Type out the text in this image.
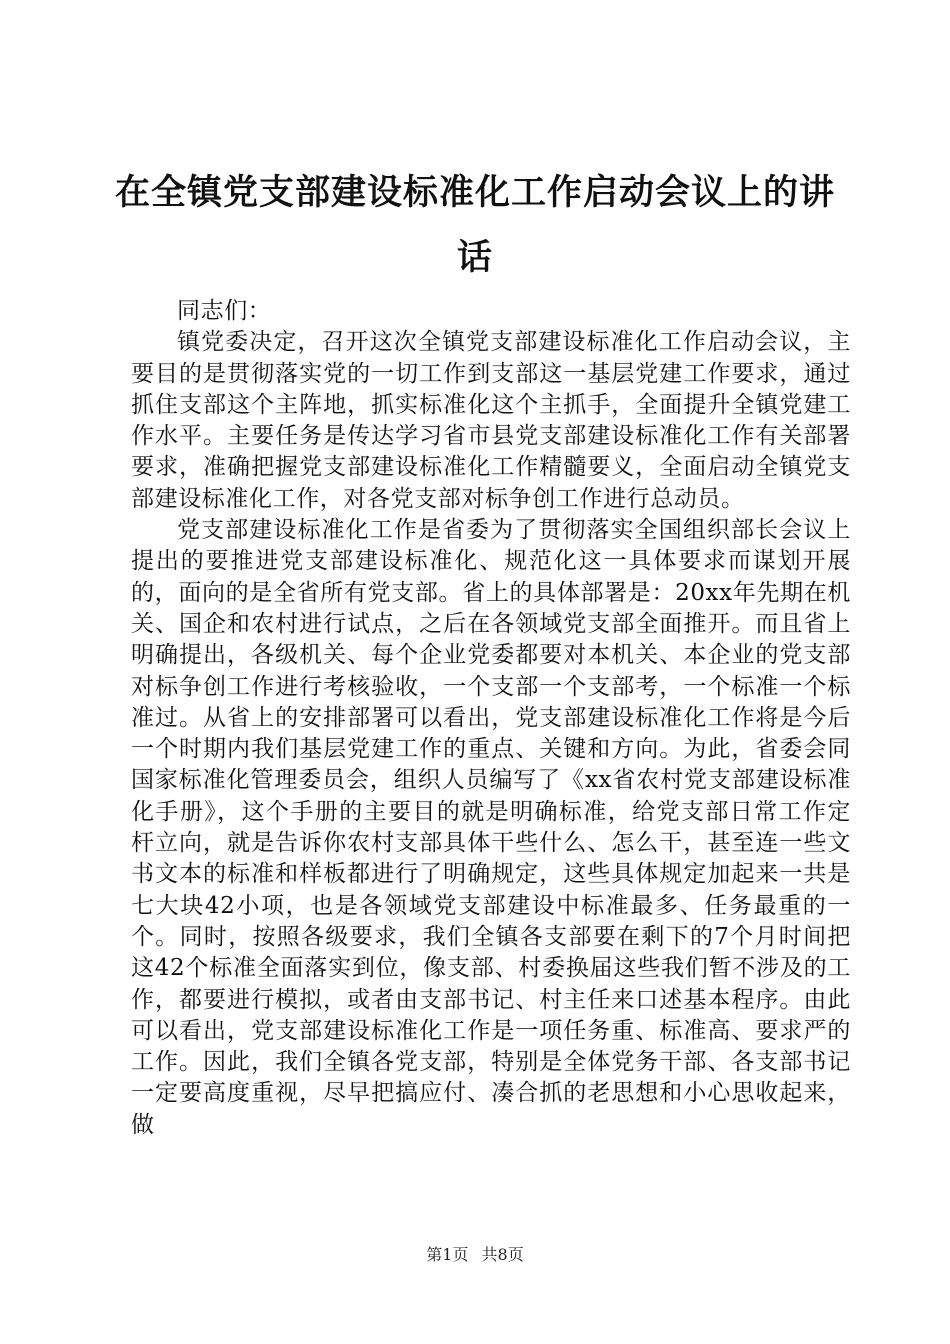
在全镇党支部建设标准化工作启动会议上的讲话

同志们：

镇党委决定，召开这次全镇党支部建设标准化工作启动会议，主要目的是贯彻落实党的一切工作到支部这一基层党建工作要求，通过抓住支部这个主阵地，抓实标准化这个主抓手，全面提升全镇党建工作水平。主要任务是传达学习省市县党支部建设标准化工作有关部署要求，准确把握党支部建设标准化工作精髓要义，全面启动全镇党支部建设标准化工作，对各党支部对标争创工作进行总动员。

党支部建设标准化工作是省委为了贯彻落实全国组织部长会议上提出的要推进党支部建设标准化、规范化这一具体要求而谋划开展的，面向的是全省所有党支部。省上的具体部署是：20xx年先期在机关、国企和农村进行试点，之后在各领域党支部全面推开。而且省上明确提出，各级机关、每个企业党委都要对本机关、本企业的党支部对标争创工作进行考核验收，一个支部一个支部考，一个标准一个标准过。从省上的安排部署可以看出，党支部建设标准化工作将是今后一个时期内我们基层党建工作的重点、关键和方向。为此，省委会同国家标准化管理委员会，组织人员编写了《xx省农村党支部建设标准化手册》，这个手册的主要目的就是明确标准，给党支部日常工作定杆立向，就是告诉你农村支部具体干些什么、怎么干，甚至连一些文书文本的标准和样板都进行了明确规定，这些具体规定加起来一共是七大块42小项，也是各领域党支部建设中标准最多、任务最重的一个。同时，按照各级要求，我们全镇各支部要在剩下的7个月时间把这42个标准全面落实到位，像支部、村委换届这些我们暂不涉及的工作，都要进行模拟，或者由支部书记、村主任来口述基本程序。由此可以看出，党支部建设标准化工作是一项任务重、标准高、要求严的工作。因此，我们全镇各党支部，特别是全体党务干部、各支部书记一定要高度重视，尽早把搞应付、凑合抓的老思想和小心思收起来，做

第1页 共8页
